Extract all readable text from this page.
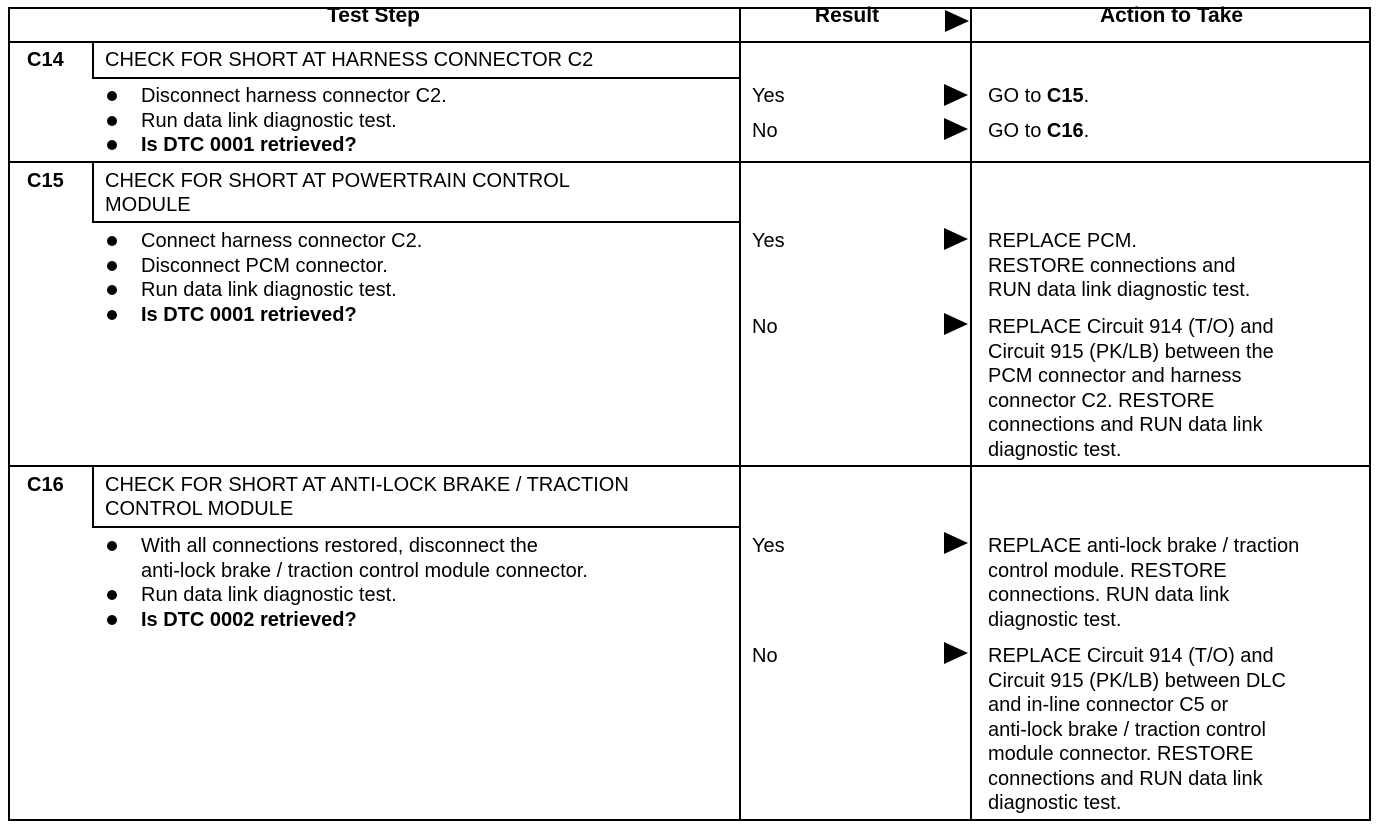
Test Step	Result	Action to Take
C14 CHECK FOR SHORT AT HARNESS CONNECTOR C2
Disconnect harness connector C2.
Run data link diagnostic test.
Is DTC 0001 retrieved?
Yes	GO to C15.
No	GO to C16.
C15 CHECK FOR SHORT AT POWERTRAIN CONTROL
MODULE
Connect harness connector C2.
Disconnect PCM connector.
Run data link diagnostic test.
Is DTC 0001 retrieved?
Yes	REPLACE PCM.
RESTORE connections and
RUN data link diagnostic test.
No	REPLACE Circuit 914 (T/O) and
Circuit 915 (PK/LB) between the
PCM connector and harness
connector C2. RESTORE
connections and RUN data link
diagnostic test.
C16 CHECK FOR SHORT AT ANTI-LOCK BRAKE / TRACTION
CONTROL MODULE
With all connections restored, disconnect the
anti-lock brake / traction control module connector.
Run data link diagnostic test.
Is DTC 0002 retrieved?
Yes	REPLACE anti-lock brake / traction
control module. RESTORE
connections. RUN data link
diagnostic test.
No	REPLACE Circuit 914 (T/O) and
Circuit 915 (PK/LB) between DLC
and in-line connector C5 or
anti-lock brake / traction control
module connector. RESTORE
connections and RUN data link
diagnostic test.
